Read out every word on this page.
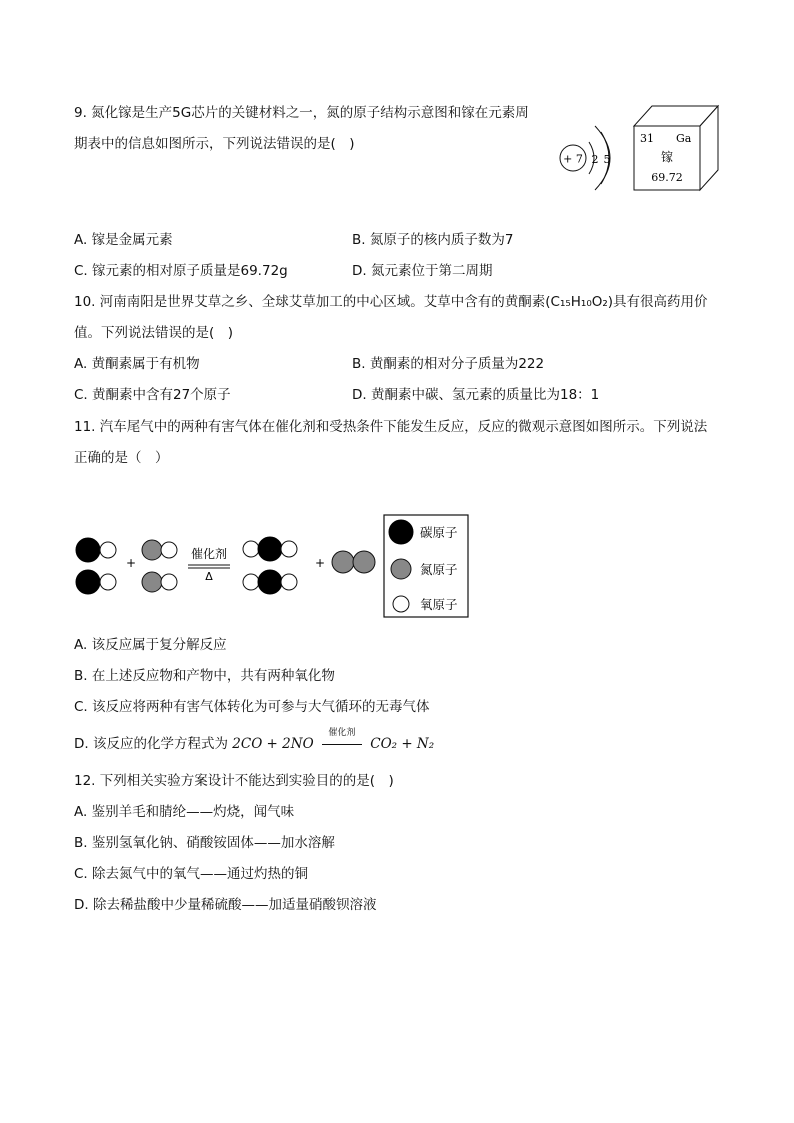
9. 氮化镓是生产5G芯片的关键材料之一，氮的原子结构示意图和镓在元素周
期表中的信息如图所示，下列说法错误的是(　)
+ 7 2 5
31 Ga
镓
69.72
A. 镓是金属元素	B. 氮原子的核内质子数为7
C. 镓元素的相对原子质量是69.72g	D. 氮元素位于第二周期
10. 河南南阳是世界艾草之乡、全球艾草加工的中心区域。艾草中含有的黄酮素(C₁₅H₁₀O₂)具有很高药用价
值。下列说法错误的是(　)
A. 黄酮素属于有机物	B. 黄酮素的相对分子质量为222
C. 黄酮素中含有27个原子	D. 黄酮素中碳、氢元素的质量比为18：1
11. 汽车尾气中的两种有害气体在催化剂和受热条件下能发生反应，反应的微观示意图如图所示。下列说法
正确的是（　）
+
催化剂
Δ
+
碳原子
氮原子
氧原子
A. 该反应属于复分解反应
B. 在上述反应物和产物中，共有两种氧化物
C. 该反应将两种有害气体转化为可参与大气循环的无毒气体
D. 该反应的化学方程式为 2CO + 2NO
催化剂
CO₂ + N₂
12. 下列相关实验方案设计不能达到实验目的的是(　)
A. 鉴别羊毛和腈纶——灼烧，闻气味
B. 鉴别氢氧化钠、硝酸铵固体——加水溶解
C. 除去氮气中的氧气——通过灼热的铜
D. 除去稀盐酸中少量稀硫酸——加适量硝酸钡溶液
